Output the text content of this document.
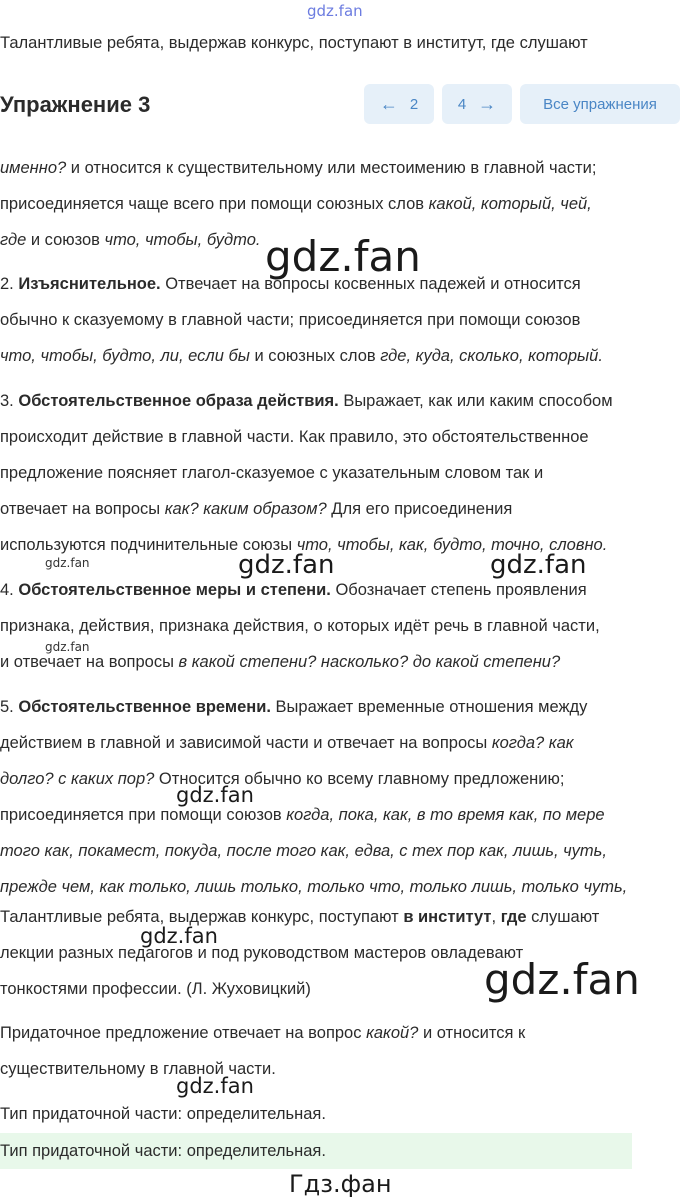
gdz.fan
Талантливые ребята, выдержав конкурс, поступают в институт, где слушают
Упражнение 3	← 2	4 →	Все упражнения
именно? и относится к существительному или местоимению в главной части;
присоединяется чаще всего при помощи союзных слов какой, который, чей,
где и союзов что, чтобы, будто.
2. Изъяснительное. Отвечает на вопросы косвенных падежей и относится
обычно к сказуемому в главной части; присоединяется при помощи союзов
что, чтобы, будто, ли, если бы и союзных слов где, куда, сколько, который.
3. Обстоятельственное образа действия. Выражает, как или каким способом
происходит действие в главной части. Как правило, это обстоятельственное
предложение поясняет глагол-сказуемое с указательным словом так и
отвечает на вопросы как? каким образом? Для его присоединения
используются подчинительные союзы что, чтобы, как, будто, точно, словно.
4. Обстоятельственное меры и степени. Обозначает степень проявления
признака, действия, признака действия, о которых идёт речь в главной части,
и отвечает на вопросы в какой степени? насколько? до какой степени?
5. Обстоятельственное времени. Выражает временные отношения между
действием в главной и зависимой части и отвечает на вопросы когда? как
долго? с каких пор? Относится обычно ко всему главному предложению;
присоединяется при помощи союзов когда, пока, как, в то время как, по мере
того как, покамест, покуда, после того как, едва, с тех пор как, лишь, чуть,
прежде чем, как только, лишь только, только что, только лишь, только чуть,
Талантливые ребята, выдержав конкурс, поступают в институт, где слушают
лекции разных педагогов и под руководством мастеров овладевают
тонкостями профессии. (Л. Жуховицкий)
Придаточное предложение отвечает на вопрос какой? и относится к
существительному в главной части.
Тип придаточной части: определительная.
Тип придаточной части: определительная.
gdz.fan
gdz.fan	gdz.fan	gdz.fan
gdz.fan
gdz.fan
gdz.fan
gdz.fan
gdz.fan
Гдз.фан
